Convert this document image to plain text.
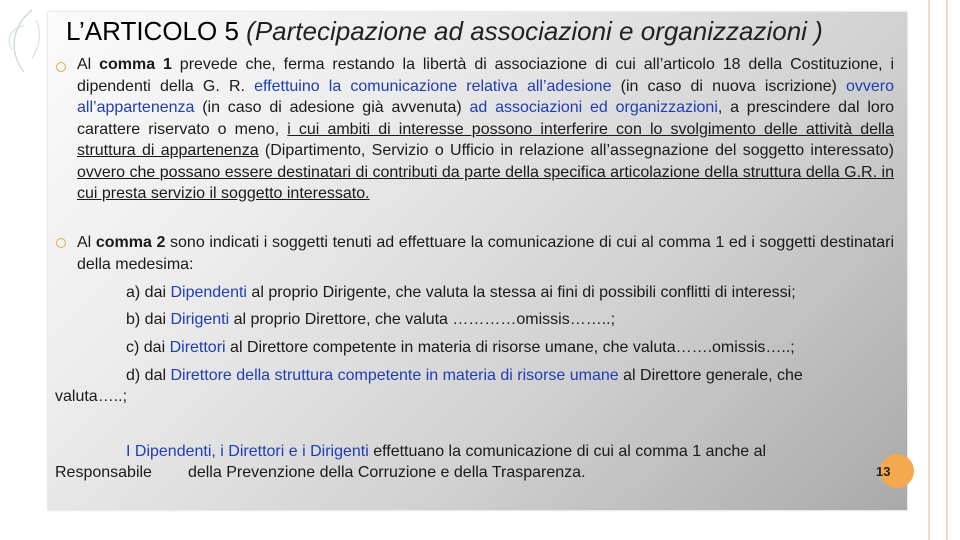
L’ARTICOLO 5 (Partecipazione ad associazioni e organizzazioni )
Al comma 1 prevede che, ferma restando la libertà di associazione di cui all’articolo 18 della Costituzione, i dipendenti della G. R. effettuino la comunicazione relativa all’adesione (in caso di nuova iscrizione) ovvero all’appartenenza (in caso di adesione già avvenuta) ad associazioni ed organizzazioni, a prescindere dal loro carattere riservato o meno, i cui ambiti di interesse possono interferire con lo svolgimento delle attività della struttura di appartenenza (Dipartimento, Servizio o Ufficio in relazione all’assegnazione del soggetto interessato) ovvero che possano essere destinatari di contributi da parte della specifica articolazione della struttura della G.R. in cui presta servizio il soggetto interessato.
Al comma 2 sono indicati i soggetti tenuti ad effettuare la comunicazione di cui al comma 1 ed i soggetti destinatari della medesima:
a) dai Dipendenti al proprio Dirigente, che valuta la stessa ai fini di possibili conflitti di interessi;
b) dai Dirigenti al proprio Direttore, che valuta …………omissis……..;
c) dai Direttori al Direttore competente in materia di risorse umane, che valuta…….omissis…..;
d) dal Direttore della struttura competente in materia di risorse umane al Direttore generale, che
valuta…..;
I Dipendenti, i Direttori e i Dirigenti effettuano la comunicazione di cui al comma 1 anche al
Responsabile della Prevenzione della Corruzione e della Trasparenza.	13
